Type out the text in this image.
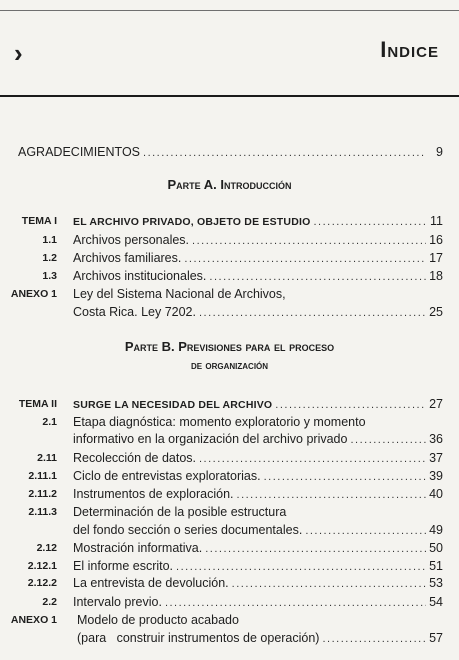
›	Indice
AGRADECIMIENTOS .....	9
Parte A. Introducción
TEMA I EL ARCHIVO PRIVADO, OBJETO DE ESTUDIO .....	11
1.1 Archivos personales. .....	16
1.2 Archivos familiares. .....	17
1.3 Archivos institucionales. .....	18
ANEXO 1 Ley del Sistema Nacional de Archivos,
Costa Rica. Ley 7202. .....	25
Parte B. Previsiones para el proceso
de organización
TEMA II SURGE LA NECESIDAD DEL ARCHIVO .....	27
2.1 Etapa diagnóstica: momento exploratorio y momento
informativo en la organización del archivo privado .....	36
2.11 Recolección de datos. .....	37
2.11.1 Ciclo de entrevistas exploratorias. .....	39
2.11.2 Instrumentos de exploración. .....	40
2.11.3 Determinación de la posible estructura
del fondo sección o series documentales. .....	49
2.12 Mostración informativa. .....	50
2.12.1 El informe escrito. .....	51
2.12.2 La entrevista de devolución. .....	53
2.2 Intervalo previo. .....	54
ANEXO 1 Modelo de producto acabado
(para   construir instrumentos de operación) .....	57
